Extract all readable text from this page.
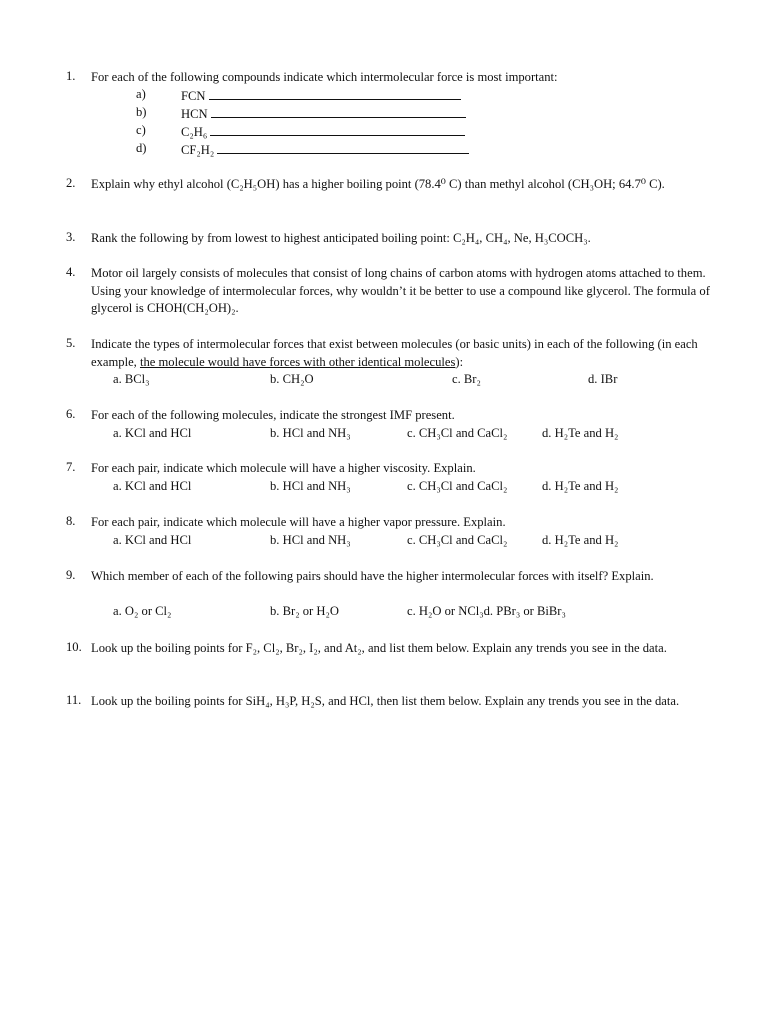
1.	For each of the following compounds indicate which intermolecular force is most important:
a)	FCN
b)	HCN
c)	C₂H₆
d)	CF₂H₂
2.	Explain why ethyl alcohol (C₂H₅OH) has a higher boiling point (78.4⁰ C) than methyl alcohol (CH₃OH; 64.7⁰ C).
3.	Rank the following by from lowest to highest anticipated boiling point: C₂H₄, CH₄, Ne, H₃COCH₃.
4.	Motor oil largely consists of molecules that consist of long chains of carbon atoms with hydrogen atoms attached to them. Using your knowledge of intermolecular forces, why wouldn’t it be better to use a compound like glycerol. The formula of glycerol is CHOH(CH₂OH)₂.
5.	Indicate the types of intermolecular forces that exist between molecules (or basic units) in each of the following (in each example, the molecule would have forces with other identical molecules):
a. BCl₃	b. CH₂O	c. Br₂	d. IBr
6.	For each of the following molecules, indicate the strongest IMF present.
a. KCl and HCl	b. HCl and NH₃	c. CH₃Cl and CaCl₂	d. H₂Te and H₂
7.	For each pair, indicate which molecule will have a higher viscosity. Explain.
a. KCl and HCl	b. HCl and NH₃	c. CH₃Cl and CaCl₂	d. H₂Te and H₂
8.	For each pair, indicate which molecule will have a higher vapor pressure. Explain.
a. KCl and HCl	b. HCl and NH₃	c. CH₃Cl and CaCl₂	d. H₂Te and H₂
9.	Which member of each of the following pairs should have the higher intermolecular forces with itself? Explain.
a. O₂ or Cl₂	b. Br₂ or H₂O	c. H₂O or NCl₃d. PBr₃ or BiBr₃
10. Look up the boiling points for F₂, Cl₂, Br₂, I₂, and At₂, and list them below. Explain any trends you see in the data.
11. Look up the boiling points for SiH₄, H₃P, H₂S, and HCl, then list them below. Explain any trends you see in the data.
